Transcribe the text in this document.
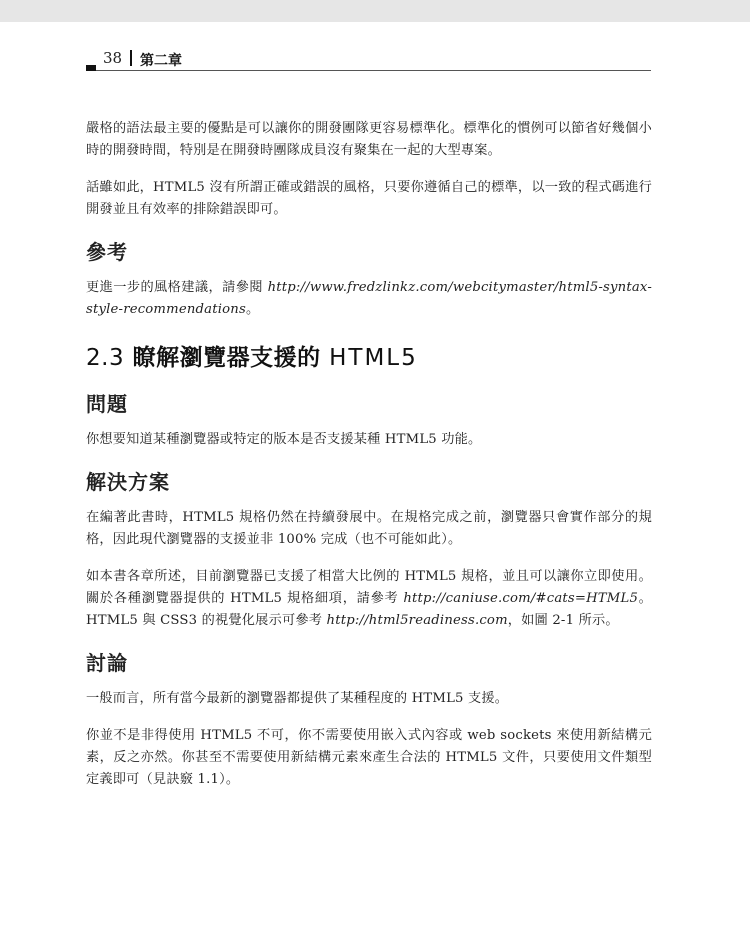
38 第二章

嚴格的語法最主要的優點是可以讓你的開發團隊更容易標準化。標準化的慣例可以節省好幾個小時的開發時間，特別是在開發時團隊成員沒有聚集在一起的大型專案。

話雖如此，HTML5 沒有所謂正確或錯誤的風格，只要你遵循自己的標準，以一致的程式碼進行開發並且有效率的排除錯誤即可。

參考

更進一步的風格建議，請參閱 http://www.fredzlinkz.com/webcitymaster/html5-syntax-style-recommendations。

2.3 瞭解瀏覽器支援的 HTML5
問題

你想要知道某種瀏覽器或特定的版本是否支援某種 HTML5 功能。

解決方案

在編著此書時，HTML5 規格仍然在持續發展中。在規格完成之前，瀏覽器只會實作部分的規格，因此現代瀏覽器的支援並非 100% 完成（也不可能如此）。

如本書各章所述，目前瀏覽器已支援了相當大比例的 HTML5 規格，並且可以讓你立即使用。關於各種瀏覽器提供的 HTML5 規格細項，請參考 http://caniuse.com/#cats=HTML5。HTML5 與 CSS3 的視覺化展示可參考 http://html5readiness.com，如圖 2-1 所示。

討論

一般而言，所有當今最新的瀏覽器都提供了某種程度的 HTML5 支援。

你並不是非得使用 HTML5 不可，你不需要使用嵌入式內容或 web sockets 來使用新結構元素，反之亦然。你甚至不需要使用新結構元素來產生合法的 HTML5 文件，只要使用文件類型定義即可（見訣竅 1.1）。
